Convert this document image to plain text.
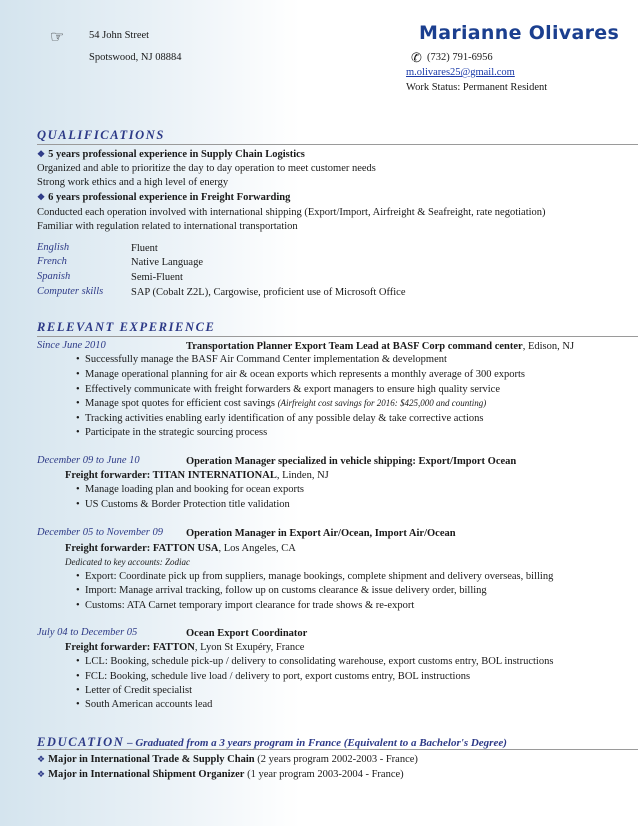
☞ 54 John Street
Spotswood, NJ 08884
Marianne Olivares
✆ (732) 791-6956
m.olivares25@gmail.com
Work Status: Permanent Resident
QUALIFICATIONS
❖ 5 years professional experience in Supply Chain Logistics
Organized and able to prioritize the day to day operation to meet customer needs
Strong work ethics and a high level of energy
❖ 6 years professional experience in Freight Forwarding
Conducted each operation involved with international shipping (Export/Import, Airfreight & Seafreight, rate negotiation)
Familiar with regulation related to international transportation
English	Fluent
French	Native Language
Spanish	Semi-Fluent
Computer skills	SAP (Cobalt Z2L), Cargowise, proficient use of Microsoft Office
RELEVANT EXPERIENCE
Since June 2010	Transportation Planner Export Team Lead at BASF Corp command center, Edison, NJ
• Successfully manage the BASF Air Command Center implementation & development
• Manage operational planning for air & ocean exports which represents a monthly average of 300 exports
• Effectively communicate with freight forwarders & export managers to ensure high quality service
• Manage spot quotes for efficient cost savings (Airfreight cost savings for 2016: $425,000 and counting)
• Tracking activities enabling early identification of any possible delay & take corrective actions
• Participate in the strategic sourcing process
December 09 to June 10	Operation Manager specialized in vehicle shipping: Export/Import Ocean
Freight forwarder: TITAN INTERNATIONAL, Linden, NJ
• Manage loading plan and booking for ocean exports
• US Customs & Border Protection title validation
December 05 to November 09 Operation Manager in Export Air/Ocean, Import Air/Ocean
Freight forwarder: FATTON USA, Los Angeles, CA
Dedicated to key accounts: Zodiac
• Export: Coordinate pick up from suppliers, manage bookings, complete shipment and delivery overseas, billing
• Import: Manage arrival tracking, follow up on customs clearance & issue delivery order, billing
• Customs: ATA Carnet temporary import clearance for trade shows & re-export
July 04 to December 05	Ocean Export Coordinator
Freight forwarder: FATTON, Lyon St Exupéry, France
• LCL: Booking, schedule pick-up / delivery to consolidating warehouse, export customs entry, BOL instructions
• FCL: Booking, schedule live load / delivery to port, export customs entry, BOL instructions
• Letter of Credit specialist
• South American accounts lead
EDUCATION – Graduated from a 3 years program in France (Equivalent to a Bachelor's Degree)
❖ Major in International Trade & Supply Chain (2 years program 2002-2003 - France)
❖ Major in International Shipment Organizer (1 year program 2003-2004 - France)
